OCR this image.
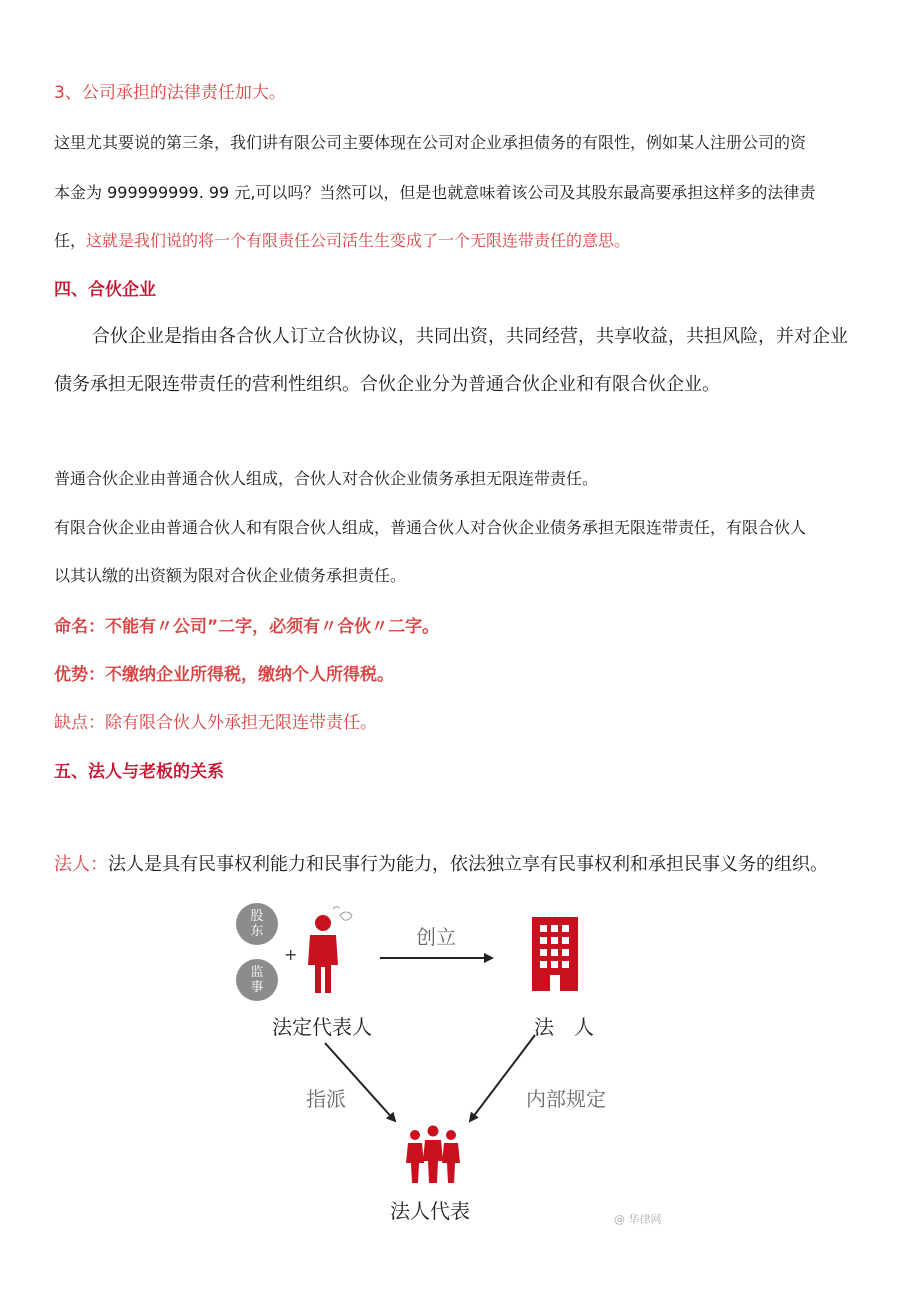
3、公司承担的法律责任加大。
这里尤其要说的第三条，我们讲有限公司主要体现在公司对企业承担债务的有限性，例如某人注册公司的资
本金为 999999999. 99 元,可以吗？当然可以，但是也就意味着该公司及其股东最高要承担这样多的法律责
任，这就是我们说的将一个有限责任公司活生生变成了一个无限连带责任的意思。
四、合伙企业
合伙企业是指由各合伙人订立合伙协议，共同出资，共同经营，共享收益，共担风险，并对企业
债务承担无限连带责任的营利性组织。合伙企业分为普通合伙企业和有限合伙企业。
普通合伙企业由普通合伙人组成，合伙人对合伙企业债务承担无限连带责任。
有限合伙企业由普通合伙人和有限合伙人组成，普通合伙人对合伙企业债务承担无限连带责任，有限合伙人
以其认缴的出资额为限对合伙企业债务承担责任。
命名：不能有〃公司”二字，必须有〃合伙〃二字。
优势：不缴纳企业所得税，缴纳个人所得税。
缺点：除有限合伙人外承担无限连带责任。
五、法人与老板的关系
法人：法人是具有民事权利能力和民事行为能力，依法独立享有民事权利和承担民事义务的组织。
股
东
监
事
+
法定代表人	法　人
创立
指派	内部规定
法人代表	@ 华律网
